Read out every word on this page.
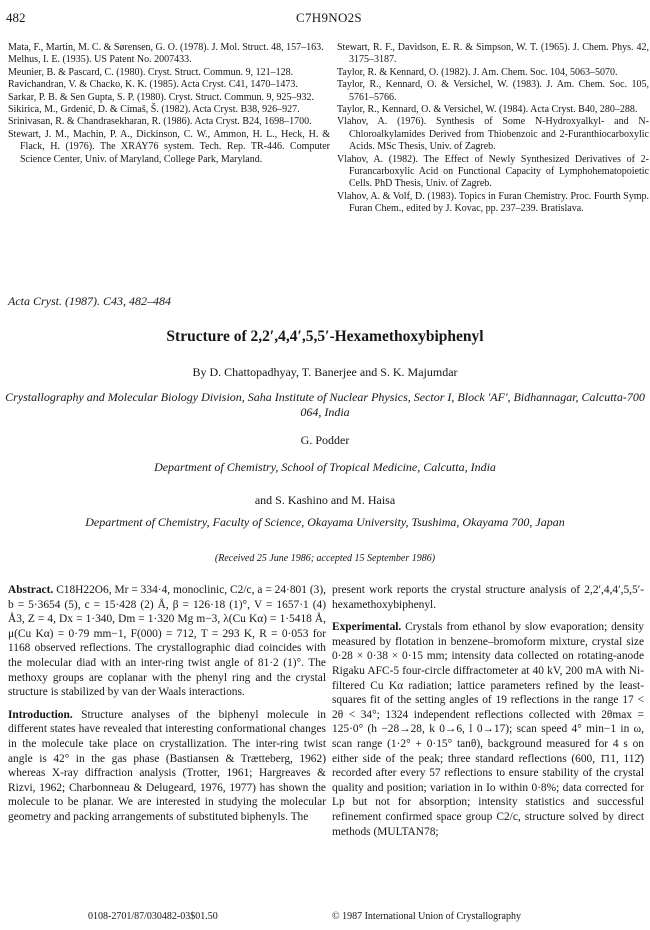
482	C7H9NO2S

Mata, F., Martin, M. C. & Sørensen, G. O. (1978). J. Mol. Struct. 48, 157–163.

Melhus, I. E. (1935). US Patent No. 2007433.

Meunier, B. & Pascard, C. (1980). Cryst. Struct. Commun. 9, 121–128.

Ravichandran, V. & Chacko, K. K. (1985). Acta Cryst. C41, 1470–1473.

Sarkar, P. B. & Sen Gupta, S. P. (1980). Cryst. Struct. Commun. 9, 925–932.

Sikirica, M., Grdenić, D. & Cimaš, Š. (1982). Acta Cryst. B38, 926–927.

Srinivasan, R. & Chandrasekharan, R. (1986). Acta Cryst. B24, 1698–1700.

Stewart, J. M., Machin, P. A., Dickinson, C. W., Ammon, H. L., Heck, H. & Flack, H. (1976). The XRAY76 system. Tech. Rep. TR-446. Computer Science Center, Univ. of Maryland, College Park, Maryland.

Stewart, R. F., Davidson, E. R. & Simpson, W. T. (1965). J. Chem. Phys. 42, 3175–3187.

Taylor, R. & Kennard, O. (1982). J. Am. Chem. Soc. 104, 5063–5070.

Taylor, R., Kennard, O. & Versichel, W. (1983). J. Am. Chem. Soc. 105, 5761–5766.

Taylor, R., Kennard, O. & Versichel, W. (1984). Acta Cryst. B40, 280–288.

Vlahov, A. (1976). Synthesis of Some N-Hydroxyalkyl- and N-Chloroalkylamides Derived from Thiobenzoic and 2-Furanthiocarboxylic Acids. MSc Thesis, Univ. of Zagreb.

Vlahov, A. (1982). The Effect of Newly Synthesized Derivatives of 2-Furancarboxylic Acid on Functional Capacity of Lymphohematopoietic Cells. PhD Thesis, Univ. of Zagreb.

Vlahov, A. & Volf, D. (1983). Topics in Furan Chemistry. Proc. Fourth Symp. Furan Chem., edited by J. Kovac, pp. 237–239. Bratislava.

Acta Cryst. (1987). C43, 482–484
Structure of 2,2′,4,4′,5,5′-Hexamethoxybiphenyl
By D. Chattopadhyay, T. Banerjee and S. K. Majumdar
Crystallography and Molecular Biology Division, Saha Institute of Nuclear Physics, Sector I, Block 'AF', Bidhannagar, Calcutta-700 064, India
G. Podder
Department of Chemistry, School of Tropical Medicine, Calcutta, India
and S. Kashino and M. Haisa
Department of Chemistry, Faculty of Science, Okayama University, Tsushima, Okayama 700, Japan
(Received 25 June 1986; accepted 15 September 1986)

Abstract. C18H22O6, Mr = 334·4, monoclinic, C2/c, a = 24·801 (3), b = 5·3654 (5), c = 15·428 (2) Å, β = 126·18 (1)°, V = 1657·1 (4) Å3, Z = 4, Dx = 1·340, Dm = 1·320 Mg m−3, λ(Cu Kα) = 1·5418 Å, μ(Cu Kα) = 0·79 mm−1, F(000) = 712, T = 293 K, R = 0·053 for 1168 observed reflections. The crystallographic diad coincides with the molecular diad with an inter-ring twist angle of 81·2 (1)°. The methoxy groups are coplanar with the phenyl ring and the crystal structure is stabilized by van der Waals interactions.

Introduction. Structure analyses of the biphenyl molecule in different states have revealed that interesting conformational changes in the molecule take place on crystallization. The inter-ring twist angle is 42° in the gas phase (Bastiansen & Trætteberg, 1962) whereas X-ray diffraction analysis (Trotter, 1961; Hargreaves & Rizvi, 1962; Charbonneau & Delugeard, 1976, 1977) has shown the molecule to be planar. We are interested in studying the molecular geometry and packing arrangements of substituted biphenyls. The

present work reports the crystal structure analysis of 2,2′,4,4′,5,5′-hexamethoxybiphenyl.

Experimental. Crystals from ethanol by slow evaporation; density measured by flotation in benzene–bromoform mixture, crystal size 0·28 × 0·38 × 0·15 mm; intensity data collected on rotating-anode Rigaku AFC-5 four-circle diffractometer at 40 kV, 200 mA with Ni-filtered Cu Kα radiation; lattice parameters refined by the least-squares fit of the setting angles of 19 reflections in the range 17 < 2θ < 34°; 1324 independent reflections collected with 2θmax = 125·0° (h −28→28, k 0→6, l 0→17); scan speed 4° min−1 in ω, scan range (1·2° + 0·15° tanθ), background measured for 4 s on either side of the peak; three standard reflections (600, 1̄11, 112̄) recorded after every 57 reflections to ensure stability of the crystal quality and position; variation in Io within 0·8%; data corrected for Lp but not for absorption; intensity statistics and successful refinement confirmed space group C2/c, structure solved by direct methods (MULTAN78;

0108-2701/87/030482-03$01.50	© 1987 International Union of Crystallography
